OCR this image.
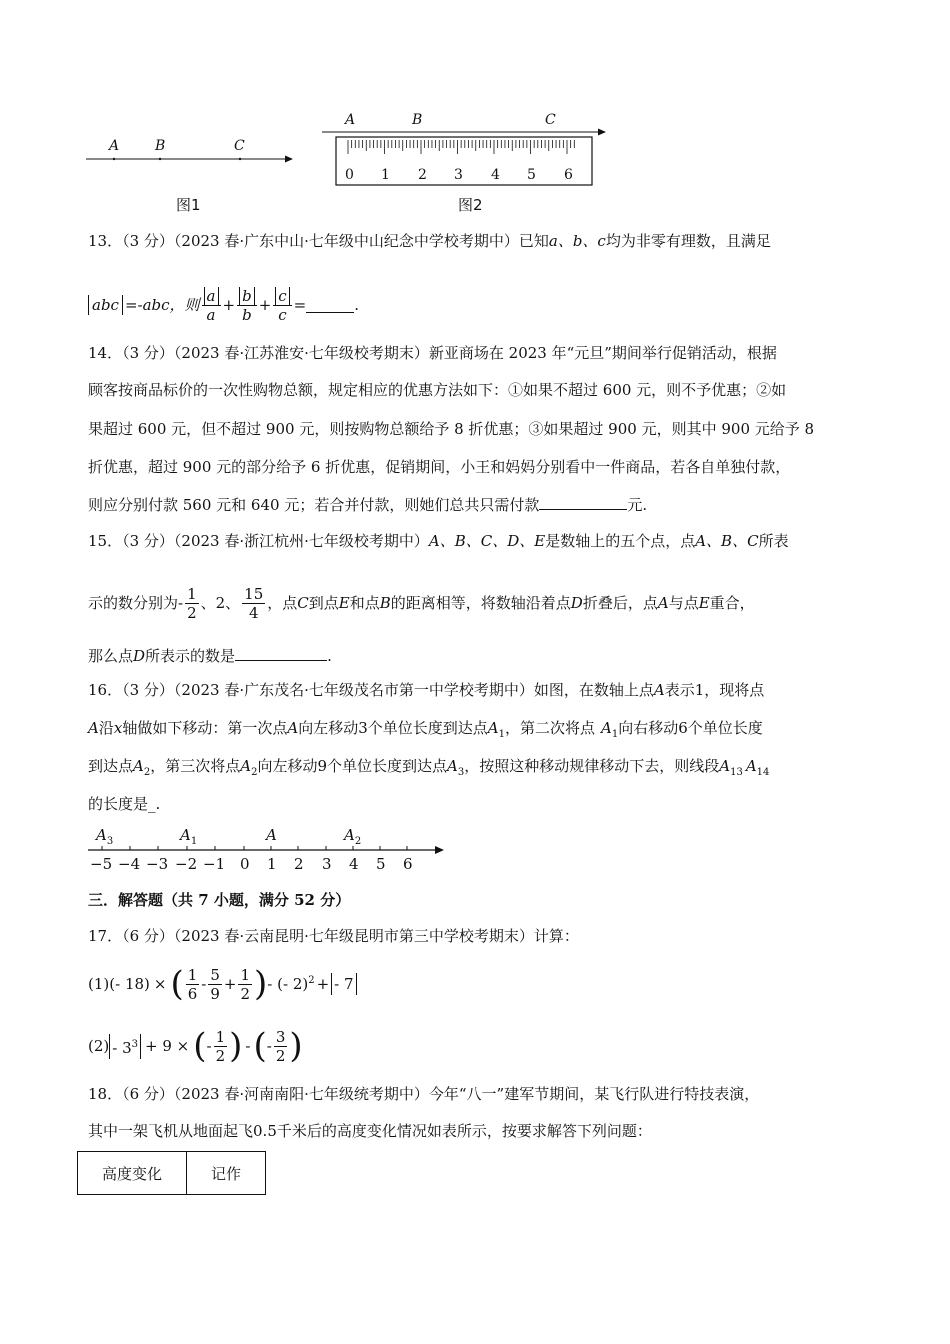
A	B	C
图1
A	B	C
0 1 2 3 4 5 6
图2
13．（3 分）（2023 春·广东中山·七年级中山纪念中学校考期中）已知a、b、c均为非零有理数，且满足
abc =-abc，则 $\frac{a}{a} + \frac{b}{b} + \frac{c}{c}$ =	.
14．（3 分）（2023 春·江苏淮安·七年级校考期末）新亚商场在 2023 年“元旦”期间举行促销活动，根据
顾客按商品标价的一次性购物总额，规定相应的优惠方法如下：①如果不超过 600 元，则不予优惠；②如
果超过 600 元，但不超过 900 元，则按购物总额给予 8 折优惠；③如果超过 900 元，则其中 900 元给予 8
折优惠，超过 900 元的部分给予 6 折优惠，促销期间，小王和妈妈分别看中一件商品，若各自单独付款，
则应分别付款 560 元和 640 元；若合并付款，则她们总共只需付款	元.
15．（3 分）（2023 春·浙江杭州·七年级校考期中）A、B、C、D、E是数轴上的五个点，点A、B、C所表
示的数分别为- $\frac{1}{2}$ 、2、 $\frac{15}{4}$ ，点 C 到点 E 和点 B 的距离相等，将数轴沿着点 D 折叠后，点 A 与点 E 重合，
那么点D所表示的数是	.
16．（3 分）（2023 春·广东茂名·七年级茂名市第一中学校考期中）如图，在数轴上点A表示1，现将点
A沿x轴做如下移动：第一次点A向左移动3个单位长度到达点$A_1$，第二次将点 $A_1$向右移动6个单位长度
到达点$A_2$，第三次将点$A_2$向左移动9个单位长度到达点$A_3$，按照这种移动规律移动下去，则线段$A_{13}$ $A_{14}$
的长度是_.
−5 −4 −3 −2 −1 0 1 2 3 4 5 6
$A_3$	$A_1$	A	$A_2$
三．解答题（共 7 小题，满分 52 分）
17．（6 分）（2023 春·云南昆明·七年级昆明市第三中学校考期末）计算：
(1) (- 18) × ( $\frac{1}{6} - \frac{5}{9} + \frac{1}{2}$ ) - (- 2)$^2$ + - 7
$(2) - 3^3 + 9$ × ( - $\frac{1}{2}$ ) - ( - $\frac{3}{2}$ )
18．（6 分）（2023 春·河南南阳·七年级统考期中）今年“八一”建军节期间，某飞行队进行特技表演，
其中一架飞机从地面起飞0.5千米后的高度变化情况如表所示，按要求解答下列问题：
高度变化	记作
